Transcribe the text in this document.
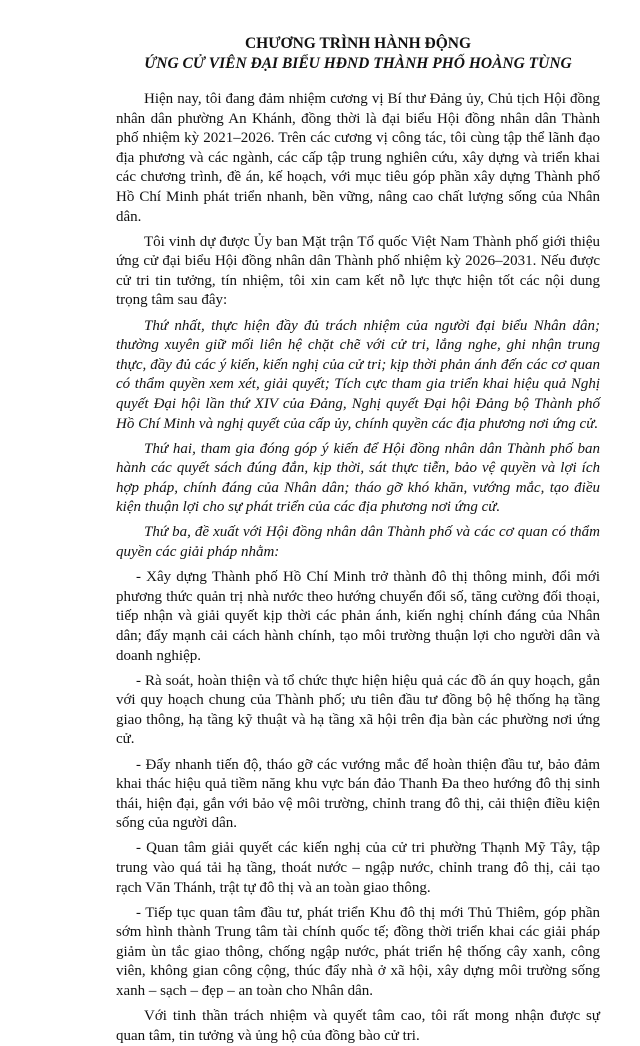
CHƯƠNG TRÌNH HÀNH ĐỘNG
ỨNG CỬ VIÊN ĐẠI BIỂU HĐND THÀNH PHỐ HOÀNG TÙNG

Hiện nay, tôi đang đảm nhiệm cương vị Bí thư Đảng ủy, Chủ tịch Hội đồng nhân dân phường An Khánh, đồng thời là đại biểu Hội đồng nhân dân Thành phố nhiệm kỳ 2021–2026. Trên các cương vị công tác, tôi cùng tập thể lãnh đạo địa phương và các ngành, các cấp tập trung nghiên cứu, xây dựng và triển khai các chương trình, đề án, kế hoạch, với mục tiêu góp phần xây dựng Thành phố Hồ Chí Minh phát triển nhanh, bền vững, nâng cao chất lượng sống của Nhân dân.

Tôi vinh dự được Ủy ban Mặt trận Tổ quốc Việt Nam Thành phố giới thiệu ứng cử đại biểu Hội đồng nhân dân Thành phố nhiệm kỳ 2026–2031. Nếu được cử tri tin tưởng, tín nhiệm, tôi xin cam kết nỗ lực thực hiện tốt các nội dung trọng tâm sau đây:

Thứ nhất, thực hiện đầy đủ trách nhiệm của người đại biểu Nhân dân; thường xuyên giữ mối liên hệ chặt chẽ với cử tri, lắng nghe, ghi nhận trung thực, đầy đủ các ý kiến, kiến nghị của cử tri; kịp thời phản ánh đến các cơ quan có thẩm quyền xem xét, giải quyết; Tích cực tham gia triển khai hiệu quả Nghị quyết Đại hội lần thứ XIV của Đảng, Nghị quyết Đại hội Đảng bộ Thành phố Hồ Chí Minh và nghị quyết của cấp ủy, chính quyền các địa phương nơi ứng cử.

Thứ hai, tham gia đóng góp ý kiến để Hội đồng nhân dân Thành phố ban hành các quyết sách đúng đắn, kịp thời, sát thực tiễn, bảo vệ quyền và lợi ích hợp pháp, chính đáng của Nhân dân; tháo gỡ khó khăn, vướng mắc, tạo điều kiện thuận lợi cho sự phát triển của các địa phương nơi ứng cử.

Thứ ba, đề xuất với Hội đồng nhân dân Thành phố và các cơ quan có thẩm quyền các giải pháp nhằm:

- Xây dựng Thành phố Hồ Chí Minh trở thành đô thị thông minh, đổi mới phương thức quản trị nhà nước theo hướng chuyển đổi số, tăng cường đối thoại, tiếp nhận và giải quyết kịp thời các phản ánh, kiến nghị chính đáng của Nhân dân; đẩy mạnh cải cách hành chính, tạo môi trường thuận lợi cho người dân và doanh nghiệp.

- Rà soát, hoàn thiện và tổ chức thực hiện hiệu quả các đồ án quy hoạch, gắn với quy hoạch chung của Thành phố; ưu tiên đầu tư đồng bộ hệ thống hạ tầng giao thông, hạ tầng kỹ thuật và hạ tầng xã hội trên địa bàn các phường nơi ứng cử.

- Đẩy nhanh tiến độ, tháo gỡ các vướng mắc để hoàn thiện đầu tư, bảo đảm khai thác hiệu quả tiềm năng khu vực bán đảo Thanh Đa theo hướng đô thị sinh thái, hiện đại, gắn với bảo vệ môi trường, chỉnh trang đô thị, cải thiện điều kiện sống của người dân.

- Quan tâm giải quyết các kiến nghị của cử tri phường Thạnh Mỹ Tây, tập trung vào quá tải hạ tầng, thoát nước – ngập nước, chỉnh trang đô thị, cải tạo rạch Văn Thánh, trật tự đô thị và an toàn giao thông.

- Tiếp tục quan tâm đầu tư, phát triển Khu đô thị mới Thủ Thiêm, góp phần sớm hình thành Trung tâm tài chính quốc tế; đồng thời triển khai các giải pháp giảm ùn tắc giao thông, chống ngập nước, phát triển hệ thống cây xanh, công viên, không gian công cộng, thúc đẩy nhà ở xã hội, xây dựng môi trường sống xanh – sạch – đẹp – an toàn cho Nhân dân.

Với tinh thần trách nhiệm và quyết tâm cao, tôi rất mong nhận được sự quan tâm, tin tưởng và ủng hộ của đồng bào cử tri.
